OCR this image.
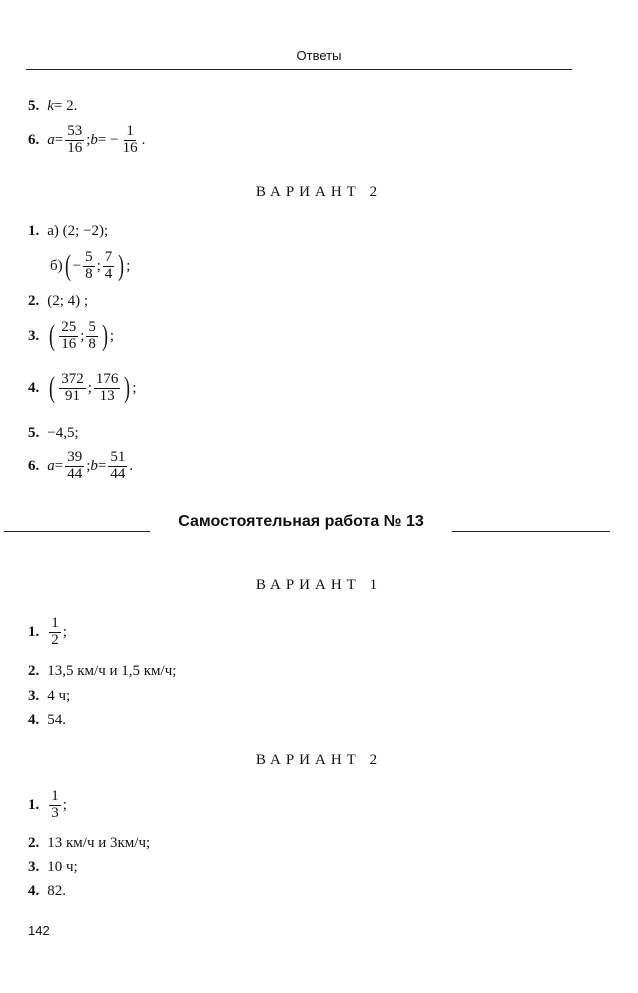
Ответы
5. k = 2.
6. $a = \frac{53}{16}$ ; b = − $\frac{1}{16}$ .
ВАРИАНТ 2
1. а) (2; −2);
б) ( − $\frac{5}{8}$ ; $\frac{7}{4}$ ) ;
2. (2; 4) ;
3. ( $\frac{25}{16}$ ; $\frac{5}{8}$ ) ;
4. ( $\frac{372}{91}$ ; $\frac{176}{13}$ ) ;
5. −4,5;
6. $a = \frac{39}{44}$ ; $b = \frac{51}{44}$ .
Самостоятельная работа № 13
ВАРИАНТ 1
1. $\frac{1}{2}$ ;
2. 13,5 км/ч и 1,5 км/ч;
3. 4 ч;
4. 54.
ВАРИАНТ 2
1. $\frac{1}{3}$ ;
2. 13 км/ч и 3км/ч;
3. 10 ч;
4. 82.
142
